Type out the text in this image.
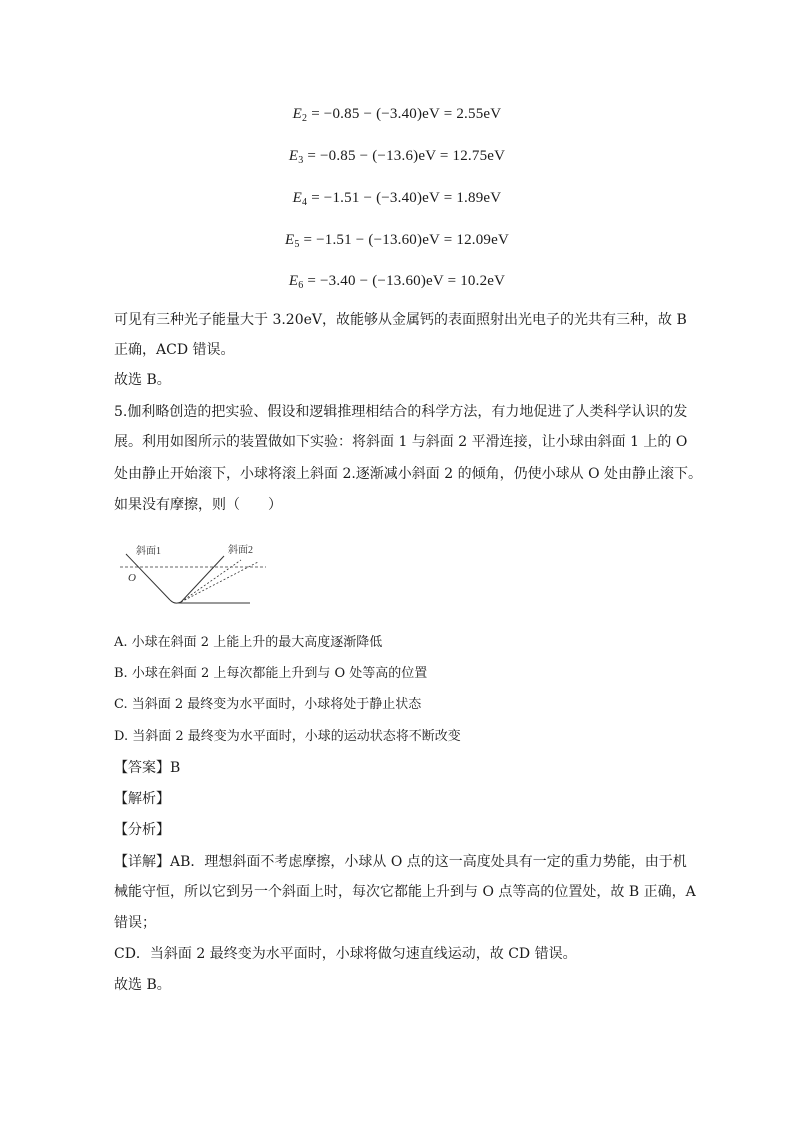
$E_2 = -0.85 - (-3.40)eV = 2.55eV$
$E_3 = -0.85 - (-13.6)eV = 12.75eV$
$E_4 = -1.51 - (-3.40)eV = 1.89eV$
$E_5 = -1.51 - (-13.60)eV = 12.09eV$
$E_6 = -3.40 - (-13.60)eV = 10.2eV$
可见有三种光子能量大于 3.20eV，故能够从金属钙的表面照射出光电子的光共有三种，故 B
正确，ACD 错误。
故选 B。
5.伽利略创造的把实验、假设和逻辑推理相结合的科学方法，有力地促进了人类科学认识的发
展。利用如图所示的装置做如下实验：将斜面 1 与斜面 2 平滑连接，让小球由斜面 1 上的 O
处由静止开始滚下，小球将滚上斜面 2.逐渐减小斜面 2 的倾角，仍使小球从 O 处由静止滚下。
如果没有摩擦，则（　　）
斜面1	斜面2
O
A. 小球在斜面 2 上能上升的最大高度逐渐降低
B. 小球在斜面 2 上每次都能上升到与 O 处等高的位置
C. 当斜面 2 最终变为水平面时，小球将处于静止状态
D. 当斜面 2 最终变为水平面时，小球的运动状态将不断改变
【答案】B
【解析】
【分析】
【详解】AB．理想斜面不考虑摩擦，小球从 O 点的这一高度处具有一定的重力势能，由于机
械能守恒，所以它到另一个斜面上时，每次它都能上升到与 O 点等高的位置处，故 B 正确，A
错误；
CD．当斜面 2 最终变为水平面时，小球将做匀速直线运动，故 CD 错误。
故选 B。
